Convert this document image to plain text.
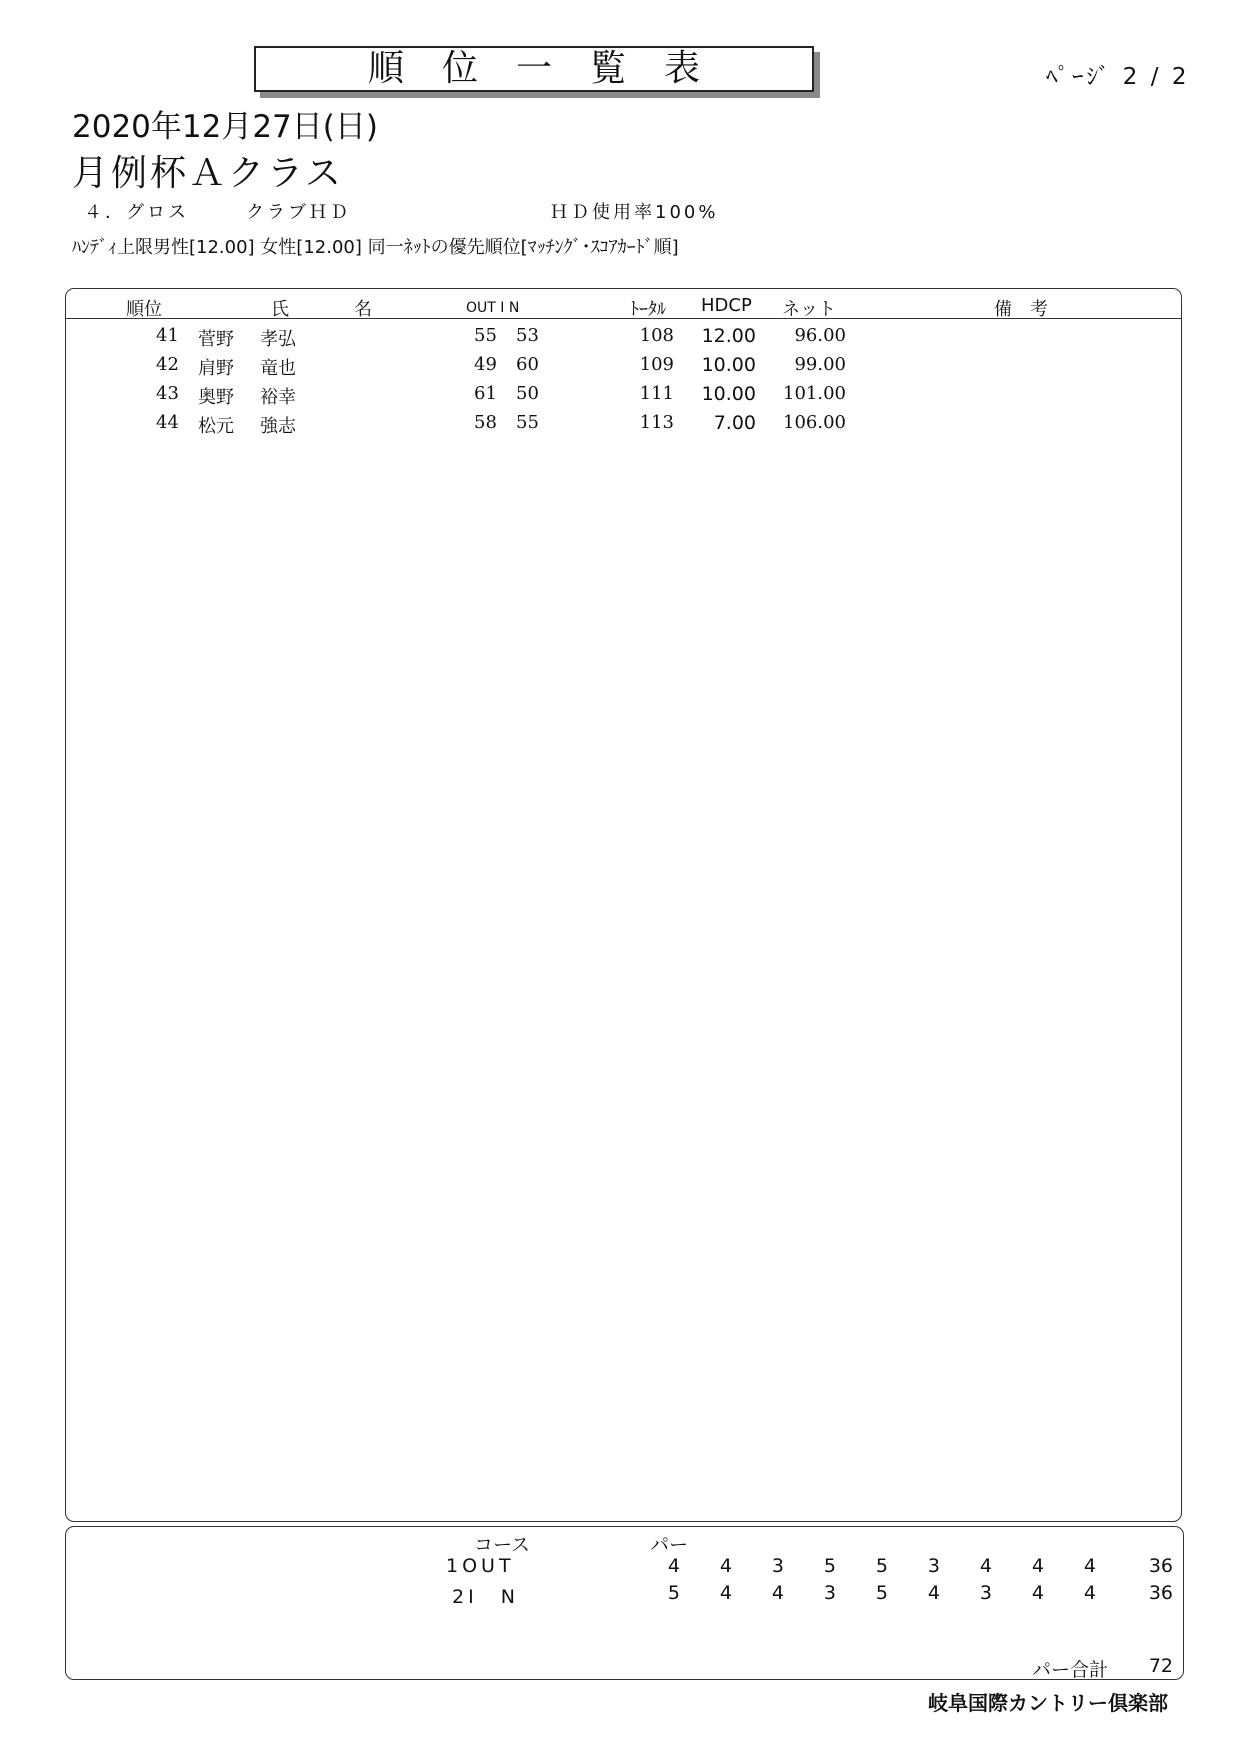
順位一覧表	ﾍﾟｰｼﾞ 2 / 2
2020年12月27日(日)
月例杯Ａクラス
４．グロス	クラブＨＤ	ＨＤ使用率100%
ﾊﾝﾃﾞｨ上限男性[12.00] 女性[12.00] 同一ﾈｯﾄの優先順位[ﾏｯﾁﾝｸﾞ･ｽｺｱｶｰﾄﾞ順]
順位	氏	名	OUT I N	ﾄｰﾀﾙ HDCP ネット	備　考
41 菅野 孝弘	55 53	108	12.00	96.00
42 肩野 竜也	49 60	109	10.00	99.00
43 奥野 裕幸	61 50	111	10.00	101.00
44 松元 強志	58 55	113	7.00	106.00
コース	パー
1OUT	4	4	3	5	5	3	4	4	4	36
2I　N	5	4	4	3	5	4	3	4	4	36
パー合計	72
岐阜国際カントリー倶楽部
